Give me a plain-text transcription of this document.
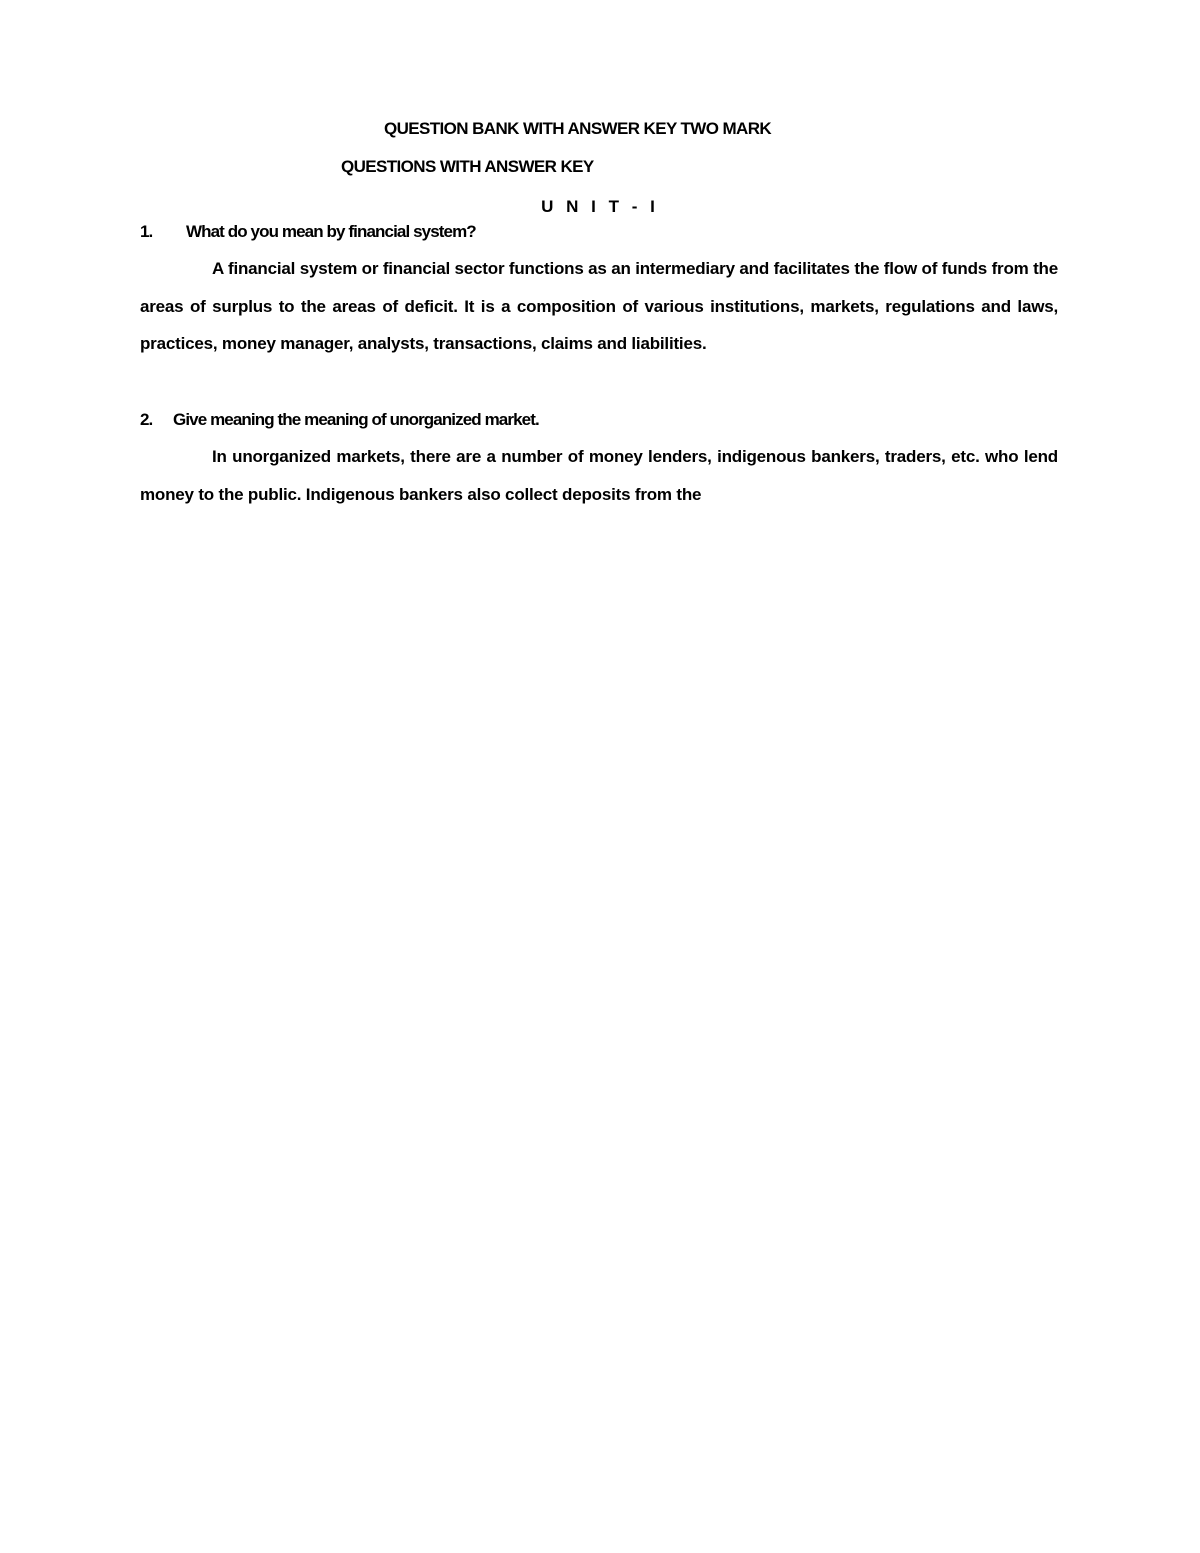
QUESTION BANK WITH ANSWER KEY TWO MARK
QUESTIONS WITH ANSWER KEY
U N I T - I
1. What do you mean by financial system?
A financial system or financial sector functions as an intermediary and facilitates the flow of funds from the areas of surplus to the areas of deficit. It is a composition of various institutions, markets, regulations and laws, practices, money manager, analysts, transactions, claims and liabilities.
2. Give meaning the meaning of unorganized market.
In unorganized markets, there are a number of money lenders, indigenous bankers, traders, etc. who lend money to the public. Indigenous bankers also collect deposits from the
